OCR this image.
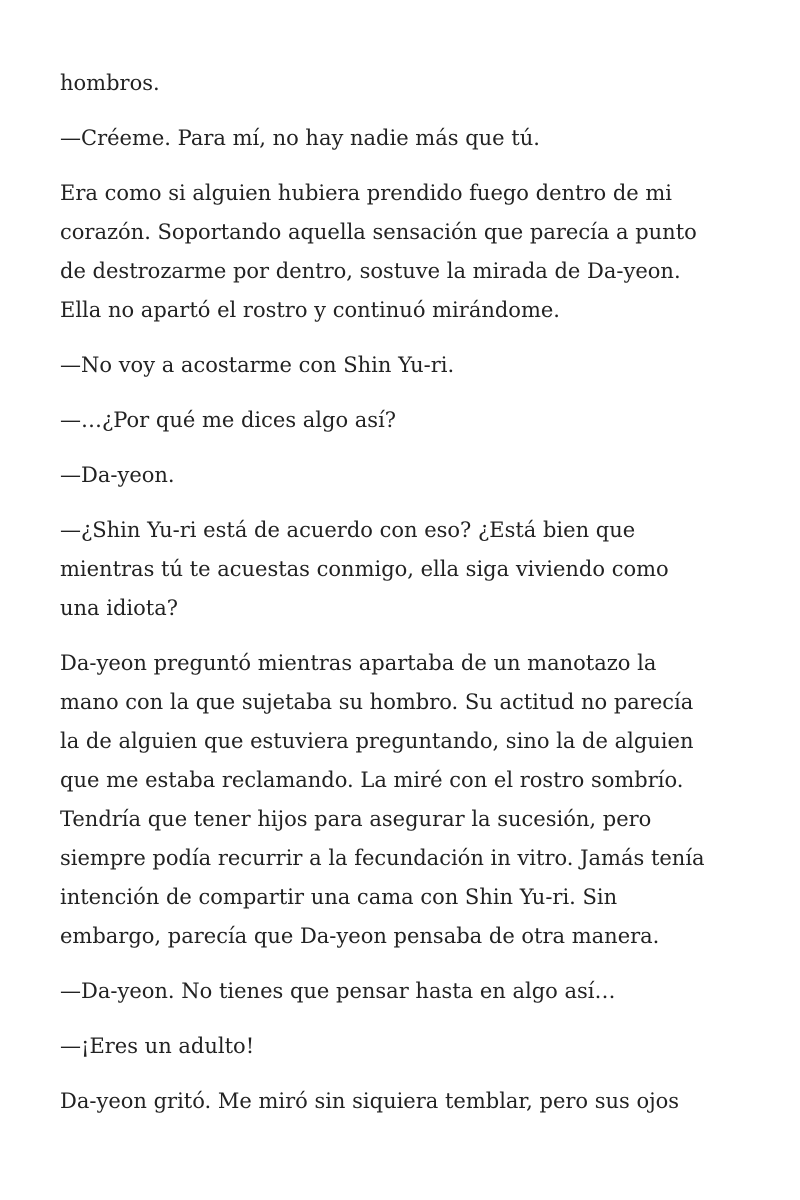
hombros.

—Créeme. Para mí, no hay nadie más que tú.

Era como si alguien hubiera prendido fuego dentro de mi
corazón. Soportando aquella sensación que parecía a punto
de destrozarme por dentro, sostuve la mirada de Da-yeon.
Ella no apartó el rostro y continuó mirándome.

—No voy a acostarme con Shin Yu-ri.

—…¿Por qué me dices algo así?

—Da-yeon.

—¿Shin Yu-ri está de acuerdo con eso? ¿Está bien que
mientras tú te acuestas conmigo, ella siga viviendo como
una idiota?

Da-yeon preguntó mientras apartaba de un manotazo la
mano con la que sujetaba su hombro. Su actitud no parecía
la de alguien que estuviera preguntando, sino la de alguien
que me estaba reclamando. La miré con el rostro sombrío.
Tendría que tener hijos para asegurar la sucesión, pero
siempre podía recurrir a la fecundación in vitro. Jamás tenía
intención de compartir una cama con Shin Yu-ri. Sin
embargo, parecía que Da-yeon pensaba de otra manera.

—Da-yeon. No tienes que pensar hasta en algo así…

—¡Eres un adulto!

Da-yeon gritó. Me miró sin siquiera temblar, pero sus ojos
